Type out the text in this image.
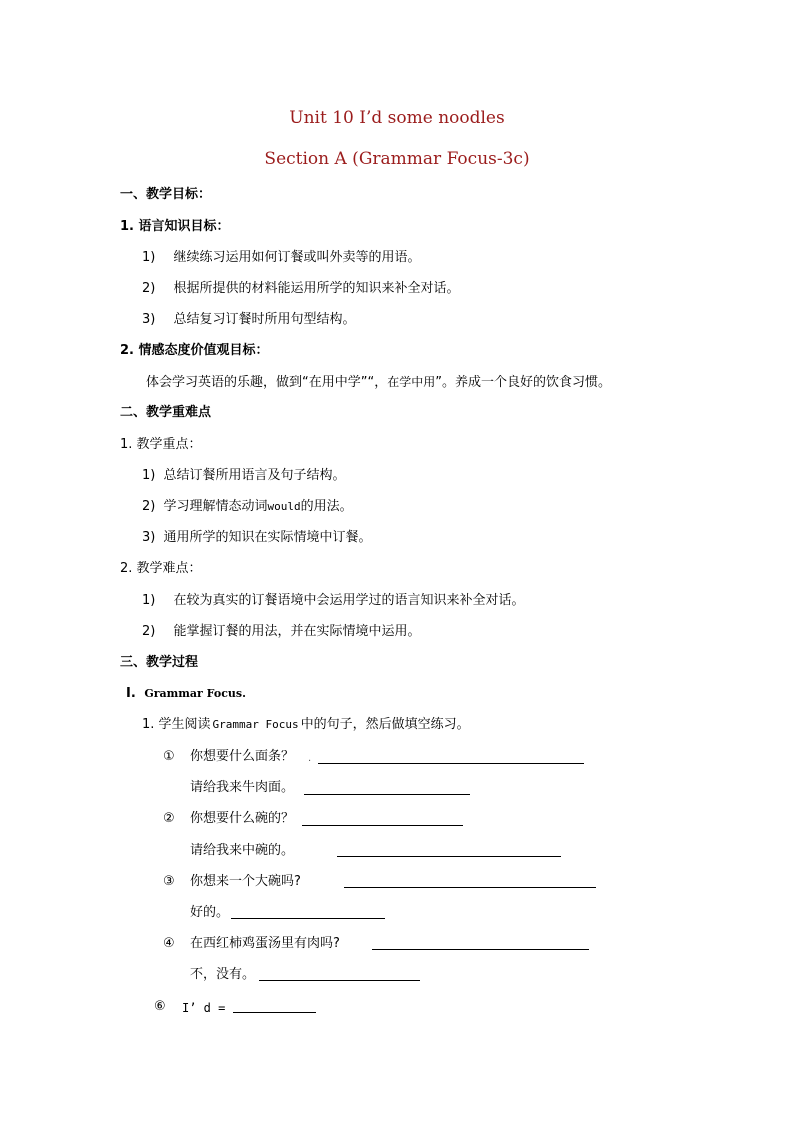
Unit 10 I’d some noodles
Section A (Grammar Focus-3c)
一、教学目标：
1. 语言知识目标：
1) 继续练习运用如何订餐或叫外卖等的用语。
2) 根据所提供的材料能运用所学的知识来补全对话。
3) 总结复习订餐时所用句型结构。
2. 情感态度价值观目标：
体会学习英语的乐趣，做到“在用中学”“，在学中用”。养成一个良好的饮食习惯。
二、教学重难点
1. 教学重点：
1) 总结订餐所用语言及句子结构。
2) 学习理解情态动词would的用法。
3) 通用所学的知识在实际情境中订餐。
2. 教学难点：
1) 在较为真实的订餐语境中会运用学过的语言知识来补全对话。
2) 能掌握订餐的用法，并在实际情境中运用。
三、教学过程
Ⅰ. Grammar Focus.
1. 学生阅读 Grammar Focus 中的句子，然后做填空练习。
① 你想要什么面条？ .
请给我来牛肉面。
② 你想要什么碗的？
请给我来中碗的。
③ 你想来一个大碗吗?
好的。
④ 在西红柿鸡蛋汤里有肉吗?
不，没有。
⑥ I’ d =
